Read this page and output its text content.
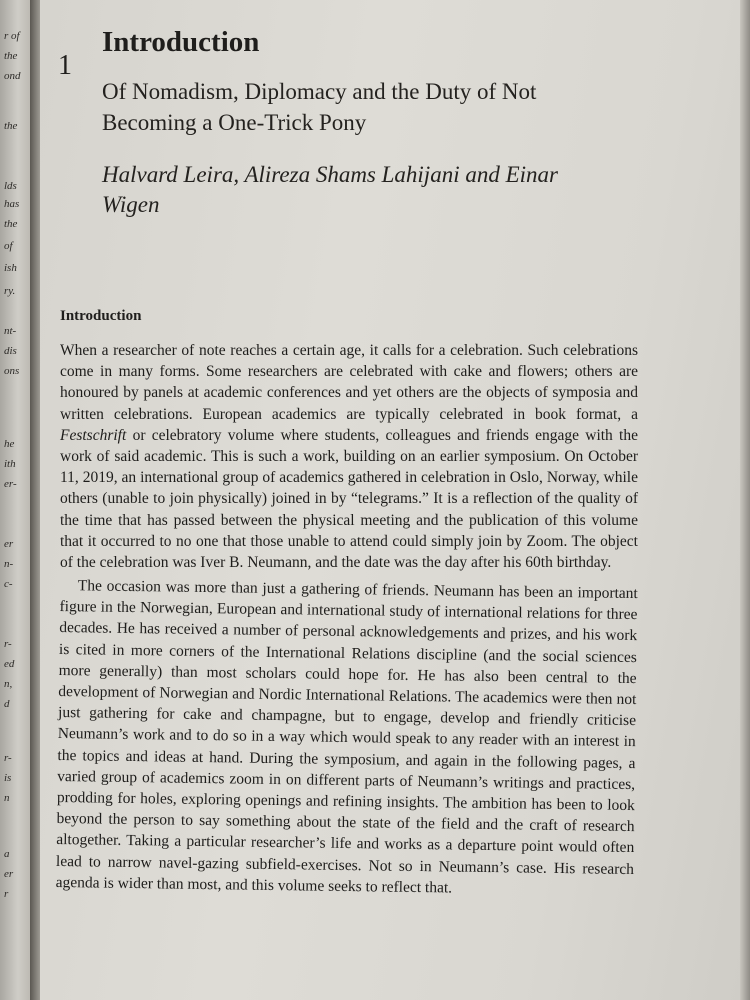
r of
the
ond
the
lds
has
the
of
ish
ry.
nt-
dis
ons
he
ith
er-
er
n-
c-
r-
ed
n,
d
r-
is
n
a
er
r
1
Introduction
Of Nomadism, Diplomacy and the Duty of Not Becoming a One-Trick Pony
Halvard Leira, Alireza Shams Lahijani and Einar Wigen
Introduction

When a researcher of note reaches a certain age, it calls for a celebration. Such celebrations come in many forms. Some researchers are celebrated with cake and flowers; others are honoured by panels at academic conferences and yet others are the objects of symposia and written celebrations. European academics are typically celebrated in book format, a Festschrift or celebratory volume where students, colleagues and friends engage with the work of said academic. This is such a work, building on an earlier symposium. On October 11, 2019, an international group of academics gathered in celebration in Oslo, Norway, while others (unable to join physically) joined in by “telegrams.” It is a reflection of the quality of the time that has passed between the physical meeting and the publication of this volume that it occurred to no one that those unable to attend could simply join by Zoom. The object of the celebration was Iver B. Neumann, and the date was the day after his 60th birthday.

The occasion was more than just a gathering of friends. Neumann has been an important figure in the Norwegian, European and international study of international relations for three decades. He has received a number of personal acknowledgements and prizes, and his work is cited in more corners of the International Relations discipline (and the social sciences more generally) than most scholars could hope for. He has also been central to the development of Norwegian and Nordic International Relations. The academics were then not just gathering for cake and champagne, but to engage, develop and friendly criticise Neumann’s work and to do so in a way which would speak to any reader with an interest in the topics and ideas at hand. During the symposium, and again in the following pages, a varied group of academics zoom in on different parts of Neumann’s writings and practices, prodding for holes, exploring openings and refining insights. The ambition has been to look beyond the person to say something about the state of the field and the craft of research altogether. Taking a particular researcher’s life and works as a departure point would often lead to narrow navel-gazing subfield-exercises. Not so in Neumann’s case. His research agenda is wider than most, and this volume seeks to reflect that.
